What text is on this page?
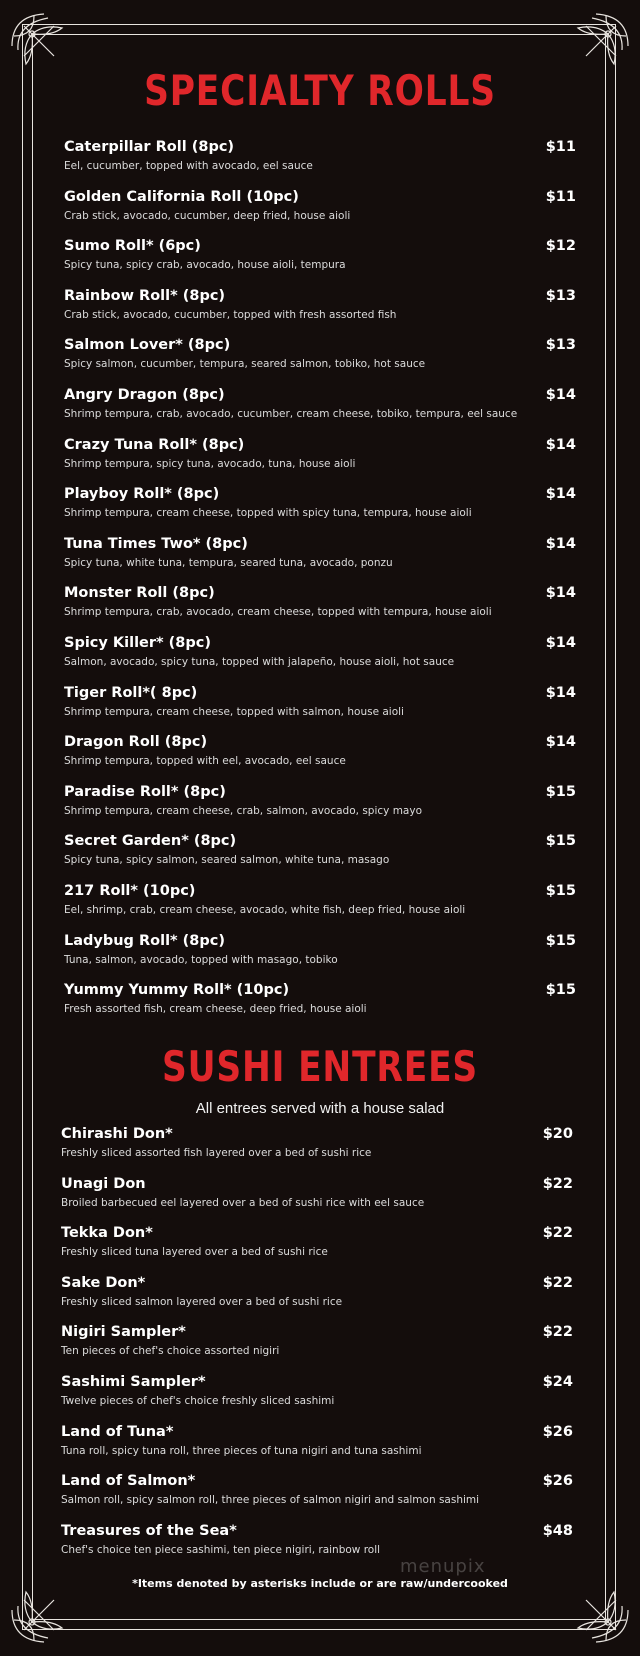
SPECIALTY ROLLS
Caterpillar Roll (8pc)
Eel, cucumber, topped with avocado, eel sauce
$11
Golden California Roll (10pc)
Crab stick, avocado, cucumber, deep fried, house aioli
$11
Sumo Roll* (6pc)
Spicy tuna, spicy crab, avocado, house aioli, tempura
$12
Rainbow Roll* (8pc)
Crab stick, avocado, cucumber, topped with fresh assorted fish
$13
Salmon Lover* (8pc)
Spicy salmon, cucumber, tempura, seared salmon, tobiko, hot sauce
$13
Angry Dragon (8pc)
Shrimp tempura, crab, avocado, cucumber, cream cheese, tobiko, tempura, eel sauce
$14
Crazy Tuna Roll* (8pc)
Shrimp tempura, spicy tuna, avocado, tuna, house aioli
$14
Playboy Roll* (8pc)
Shrimp tempura, cream cheese, topped with spicy tuna, tempura, house aioli
$14
Tuna Times Two* (8pc)
Spicy tuna, white tuna, tempura, seared tuna, avocado, ponzu
$14
Monster Roll (8pc)
Shrimp tempura, crab, avocado, cream cheese, topped with tempura, house aioli
$14
Spicy Killer* (8pc)
Salmon, avocado, spicy tuna, topped with jalapeño, house aioli, hot sauce
$14
Tiger Roll*( 8pc)
Shrimp tempura, cream cheese, topped with salmon, house aioli
$14
Dragon Roll (8pc)
Shrimp tempura, topped with eel, avocado, eel sauce
$14
Paradise Roll* (8pc)
Shrimp tempura, cream cheese, crab, salmon, avocado, spicy mayo
$15
Secret Garden* (8pc)
Spicy tuna, spicy salmon, seared salmon, white tuna, masago
$15
217 Roll* (10pc)
Eel, shrimp, crab, cream cheese, avocado, white fish, deep fried, house aioli
$15
Ladybug Roll* (8pc)
Tuna, salmon, avocado, topped with masago, tobiko
$15
Yummy Yummy Roll* (10pc)
Fresh assorted fish, cream cheese, deep fried, house aioli
$15
SUSHI ENTREES
All entrees served with a house salad
Chirashi Don*
Freshly sliced assorted fish layered over a bed of sushi rice
$20
Unagi Don
Broiled barbecued eel layered over a bed of sushi rice with eel sauce
$22
Tekka Don*
Freshly sliced tuna layered over a bed of sushi rice
$22
Sake Don*
Freshly sliced salmon layered over a bed of sushi rice
$22
Nigiri Sampler*
Ten pieces of chef's choice assorted nigiri
$22
Sashimi Sampler*
Twelve pieces of chef's choice freshly sliced sashimi
$24
Land of Tuna*
Tuna roll, spicy tuna roll, three pieces of tuna nigiri and tuna sashimi
$26
Land of Salmon*
Salmon roll, spicy salmon roll, three pieces of salmon nigiri and salmon sashimi
$26
Treasures of the Sea*
Chef's choice ten piece sashimi, ten piece nigiri, rainbow roll
$48
menupix
*Items denoted by asterisks include or are raw/undercooked
